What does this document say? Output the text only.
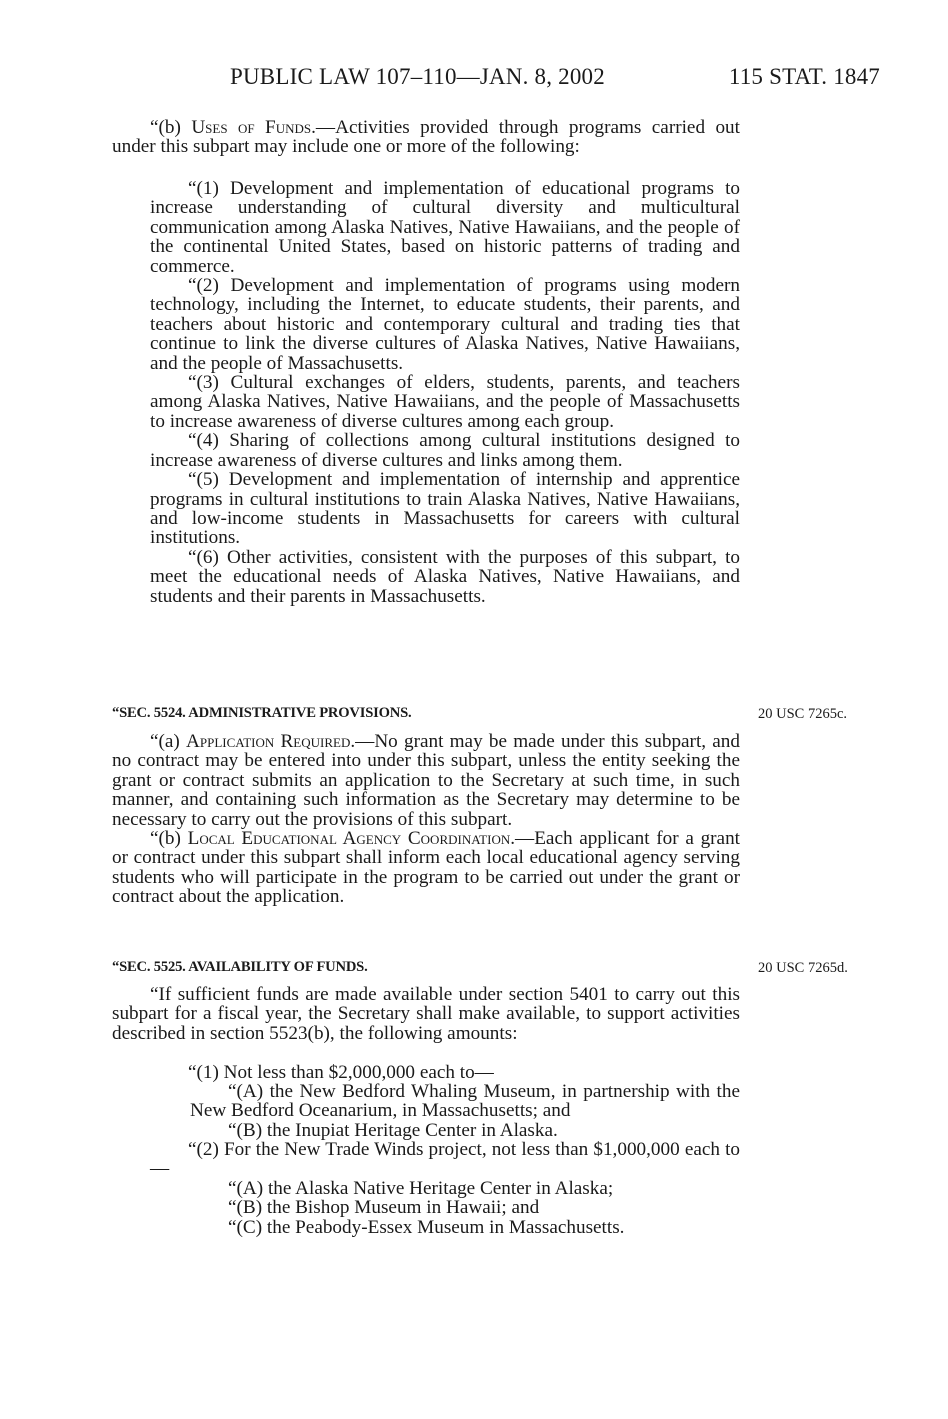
PUBLIC LAW 107–110—JAN. 8, 2002	115 STAT. 1847

“(b) Uses of Funds.—Activities provided through programs carried out under this subpart may include one or more of the following:

“(1) Development and implementation of educational programs to increase understanding of cultural diversity and multicultural communication among Alaska Natives, Native Hawaiians, and the people of the continental United States, based on historic patterns of trading and commerce.

“(2) Development and implementation of programs using modern technology, including the Internet, to educate students, their parents, and teachers about historic and contemporary cultural and trading ties that continue to link the diverse cultures of Alaska Natives, Native Hawaiians, and the people of Massachusetts.

“(3) Cultural exchanges of elders, students, parents, and teachers among Alaska Natives, Native Hawaiians, and the people of Massachusetts to increase awareness of diverse cultures among each group.

“(4) Sharing of collections among cultural institutions designed to increase awareness of diverse cultures and links among them.

“(5) Development and implementation of internship and apprentice programs in cultural institutions to train Alaska Natives, Native Hawaiians, and low-income students in Massachusetts for careers with cultural institutions.

“(6) Other activities, consistent with the purposes of this subpart, to meet the educational needs of Alaska Natives, Native Hawaiians, and students and their parents in Massachusetts.

“SEC. 5524. ADMINISTRATIVE PROVISIONS.	20 USC 7265c.

“(a) Application Required.—No grant may be made under this subpart, and no contract may be entered into under this subpart, unless the entity seeking the grant or contract submits an application to the Secretary at such time, in such manner, and containing such information as the Secretary may determine to be necessary to carry out the provisions of this subpart.

“(b) Local Educational Agency Coordination.—Each applicant for a grant or contract under this subpart shall inform each local educational agency serving students who will participate in the program to be carried out under the grant or contract about the application.

“SEC. 5525. AVAILABILITY OF FUNDS.	20 USC 7265d.

“If sufficient funds are made available under section 5401 to carry out this subpart for a fiscal year, the Secretary shall make available, to support activities described in section 5523(b), the following amounts:

“(1) Not less than $2,000,000 each to—

“(A) the New Bedford Whaling Museum, in partnership with the New Bedford Oceanarium, in Massachusetts; and

“(B) the Inupiat Heritage Center in Alaska.

“(2) For the New Trade Winds project, not less than $1,000,000 each to—

“(A) the Alaska Native Heritage Center in Alaska;

“(B) the Bishop Museum in Hawaii; and

“(C) the Peabody-Essex Museum in Massachusetts.
